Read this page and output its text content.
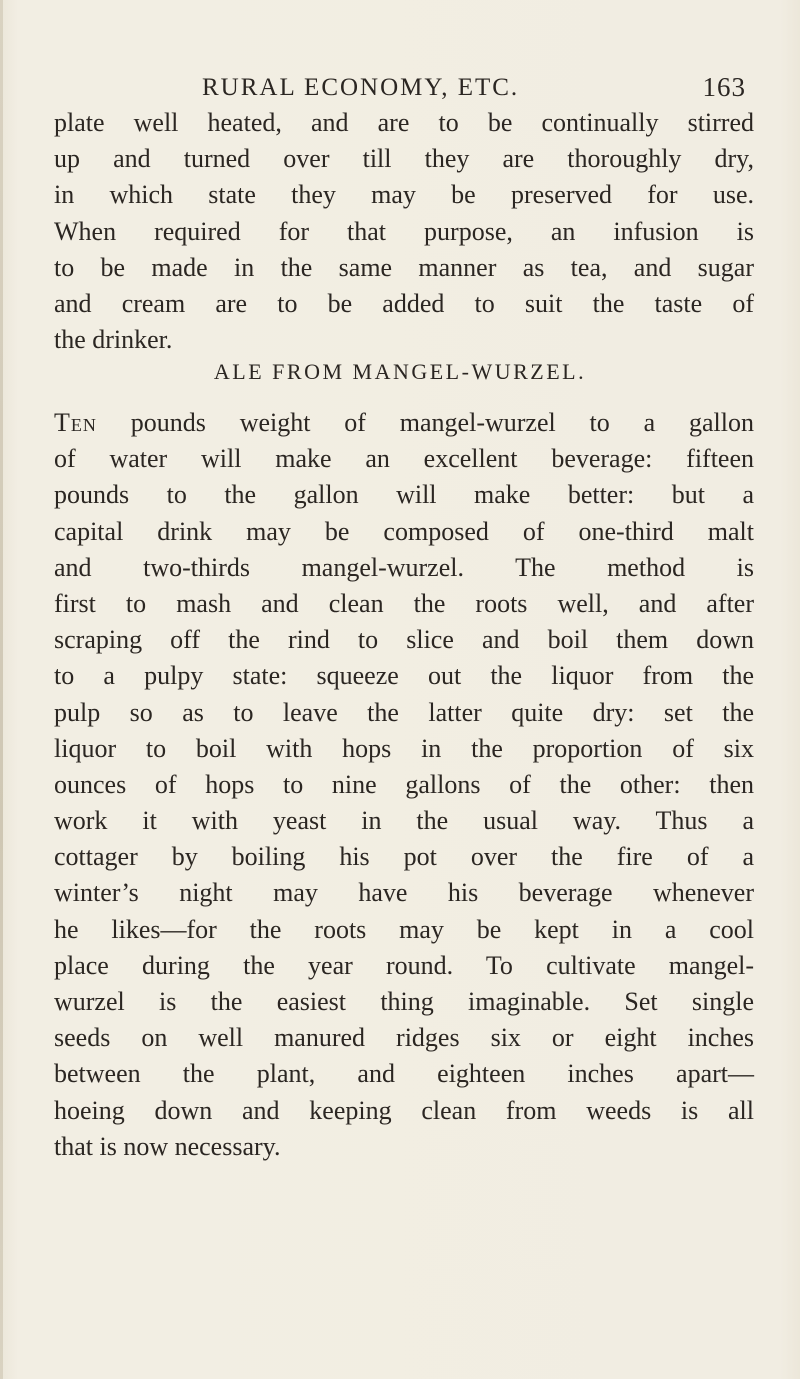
RURAL ECONOMY, ETC.	163
plate well heated, and are to be continually stirred
up and turned over till they are thoroughly dry,
in which state they may be preserved for use.
When required for that purpose, an infusion is
to be made in the same manner as tea, and sugar
and cream are to be added to suit the taste of
the drinker.
ALE FROM MANGEL-WURZEL.
Ten pounds weight of mangel-wurzel to a gallon
of water will make an excellent beverage: fifteen
pounds to the gallon will make better: but a
capital drink may be composed of one-third malt
and two-thirds mangel-wurzel. The method is
first to mash and clean the roots well, and after
scraping off the rind to slice and boil them down
to a pulpy state: squeeze out the liquor from the
pulp so as to leave the latter quite dry: set the
liquor to boil with hops in the proportion of six
ounces of hops to nine gallons of the other: then
work it with yeast in the usual way. Thus a
cottager by boiling his pot over the fire of a
winter’s night may have his beverage whenever
he likes—for the roots may be kept in a cool
place during the year round. To cultivate mangel-
wurzel is the easiest thing imaginable. Set single
seeds on well manured ridges six or eight inches
between the plant, and eighteen inches apart—
hoeing down and keeping clean from weeds is all
that is now necessary.
